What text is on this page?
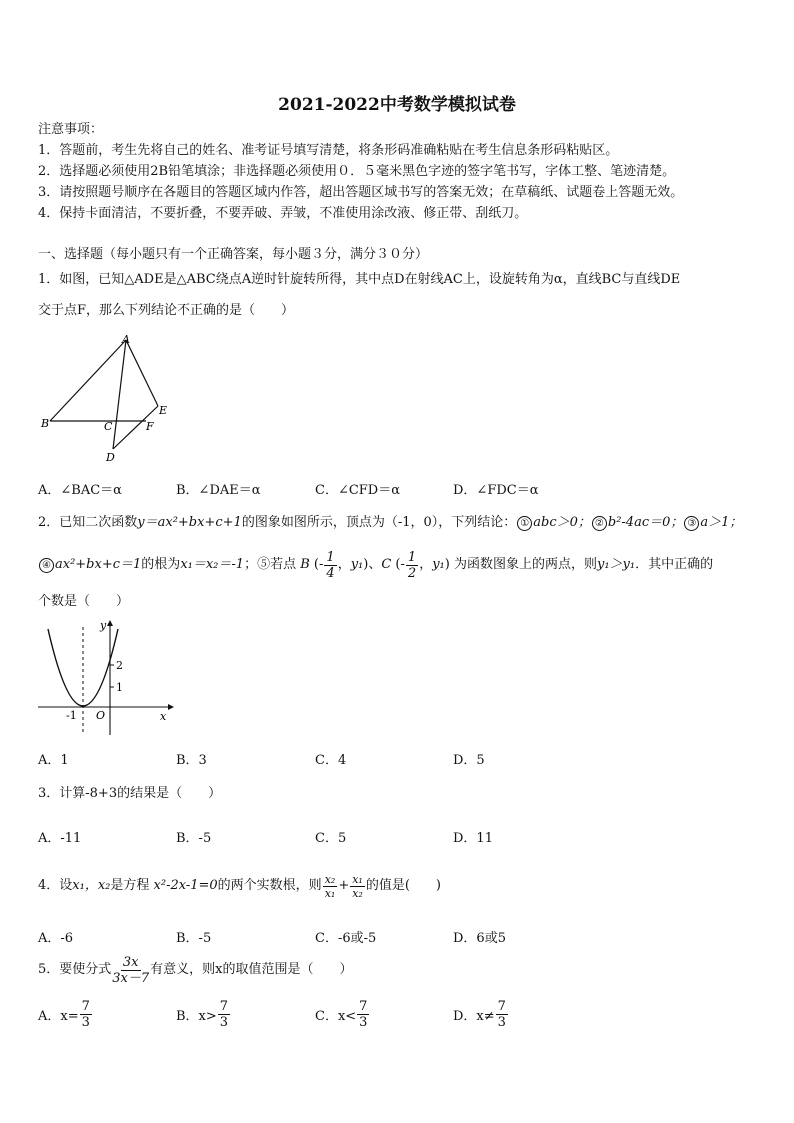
2021-2022中考数学模拟试卷
注意事项：
1．答题前，考生先将自己的姓名、准考证号填写清楚，将条形码准确粘贴在考生信息条形码粘贴区。
2．选择题必须使用2B铅笔填涂；非选择题必须使用０．５毫米黑色字迹的签字笔书写，字体工整、笔迹清楚。
3．请按照题号顺序在各题目的答题区域内作答，超出答题区域书写的答案无效；在草稿纸、试题卷上答题无效。
4．保持卡面清洁，不要折叠，不要弄破、弄皱，不准使用涂改液、修正带、刮纸刀。
一、选择题（每小题只有一个正确答案，每小题３分，满分３０分）
1．如图，已知△ADE是△ABC绕点A逆时针旋转所得，其中点D在射线AC上，设旋转角为α，直线BC与直线DE
交于点F，那么下列结论不正确的是（　　）
A
B	C
D
E
F
A．∠BAC＝α	B．∠DAE＝α	C．∠CFD＝α	D．∠FDC＝α
2．已知二次函数y＝ax²+bx+c+1的图象如图所示，顶点为（-1，0），下列结论： ① abc＞0； ② b²-4ac＝0； ③ a＞1；
④ ax²+bx+c＝1 的根为 x₁＝x₂＝-1 ； ⑤若点
B (- $\frac{1}{4}$ ， y₁ )、 C (- $\frac{1}{2}$ ， y₁ ) 为函数图象上的两点，则 y₁＞y₁ ．其中正确的
个数是（　　）
y
x
O
-1
2
1
A．1	B．3	C．4	D．5
3．计算-8+3的结果是（　　）
A．-11	B．-5	C．5	D．11
4．设 x₁，x₂ 是方程
x²-2x-1=0 的两个实数根，则 $\frac{\text{x₂}}{\text{x₁}} + \frac{\text{x₁}}{\text{x₂}}$ 的值是(　　)
A．-6	B．-5	C．-6或-5	D．6或5
5．要使分式 $\frac{3x}{3x-7}$ 有意义，则x的取值范围是（　　）
A．$x= \frac{7}{3}$	B．$x> \frac{7}{3}$	C．$x< \frac{7}{3}$	D．$x\ne \frac{7}{3}$
